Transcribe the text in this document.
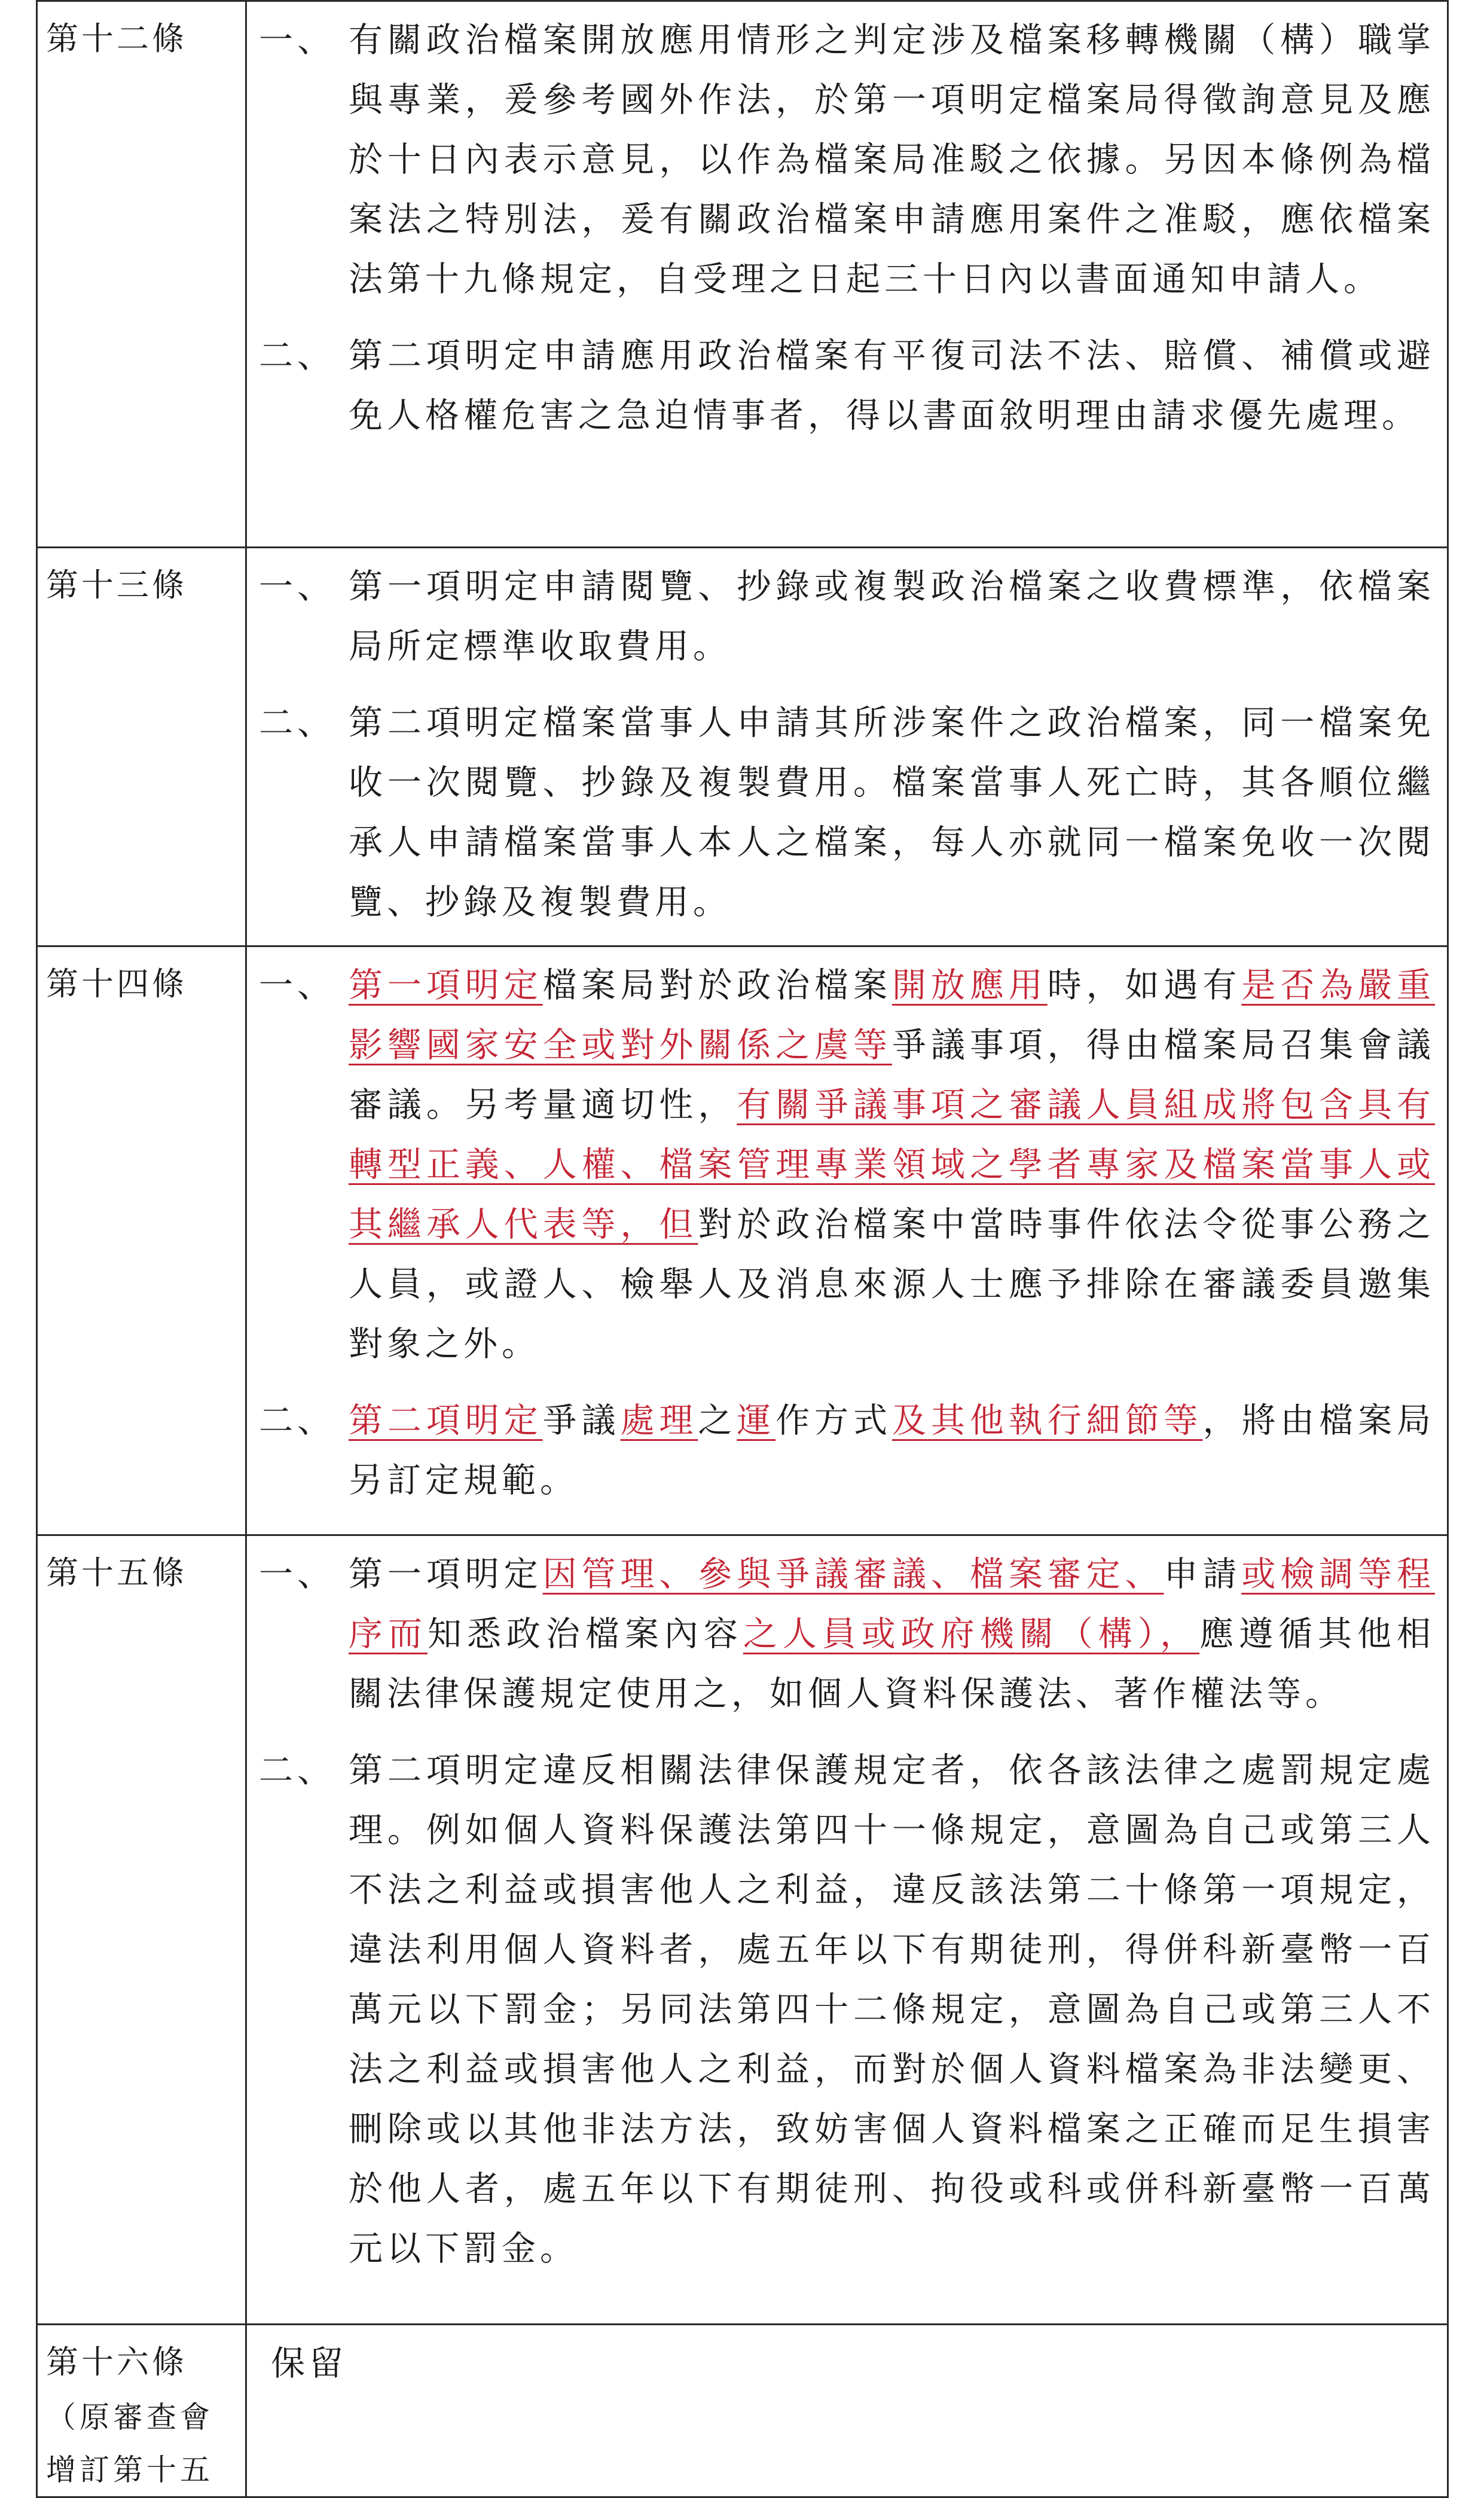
第十二條	一、 有關政治檔案開放應用情形之判定涉及檔案移轉機關（構）職掌與專業，爰參考國外作法，於第一項明定檔案局得徵詢意見及應於十日內表示意見，以作為檔案局准駁之依據。另因本條例為檔案法之特別法，爰有關政治檔案申請應用案件之准駁，應依檔案法第十九條規定，自受理之日起三十日內以書面通知申請人。
二、 第二項明定申請應用政治檔案有平復司法不法、賠償、補償或避免人格權危害之急迫情事者，得以書面敘明理由請求優先處理。

第十三條	一、 第一項明定申請閱覽、抄錄或複製政治檔案之收費標準，依檔案局所定標準收取費用。
二、 第二項明定檔案當事人申請其所涉案件之政治檔案，同一檔案免收一次閱覽、抄錄及複製費用。檔案當事人死亡時，其各順位繼承人申請檔案當事人本人之檔案，每人亦就同一檔案免收一次閱覽、抄錄及複製費用。

第十四條	一、 第一項明定檔案局對於政治檔案開放應用時，如遇有是否為嚴重影響國家安全或對外關係之虞等爭議事項，得由檔案局召集會議審議。另考量適切性，有關爭議事項之審議人員組成將包含具有轉型正義、人權、檔案管理專業領域之學者專家及檔案當事人或其繼承人代表等，但對於政治檔案中當時事件依法令從事公務之人員，或證人、檢舉人及消息來源人士應予排除在審議委員邀集對象之外。
二、 第二項明定爭議處理之運作方式及其他執行細節等，將由檔案局另訂定規範。

第十五條	一、 第一項明定因管理、參與爭議審議、檔案審定、申請或檢調等程序而知悉政治檔案內容之人員或政府機關（構），應遵循其他相關法律保護規定使用之，如個人資料保護法、著作權法等。
二、 第二項明定違反相關法律保護規定者，依各該法律之處罰規定處理。例如個人資料保護法第四十一條規定，意圖為自己或第三人不法之利益或損害他人之利益，違反該法第二十條第一項規定，違法利用個人資料者，處五年以下有期徒刑，得併科新臺幣一百萬元以下罰金；另同法第四十二條規定，意圖為自己或第三人不法之利益或損害他人之利益，而對於個人資料檔案為非法變更、刪除或以其他非法方法，致妨害個人資料檔案之正確而足生損害於他人者，處五年以下有期徒刑、拘役或科或併科新臺幣一百萬元以下罰金。

第十六條
（原審查會
增訂第十五	保留
